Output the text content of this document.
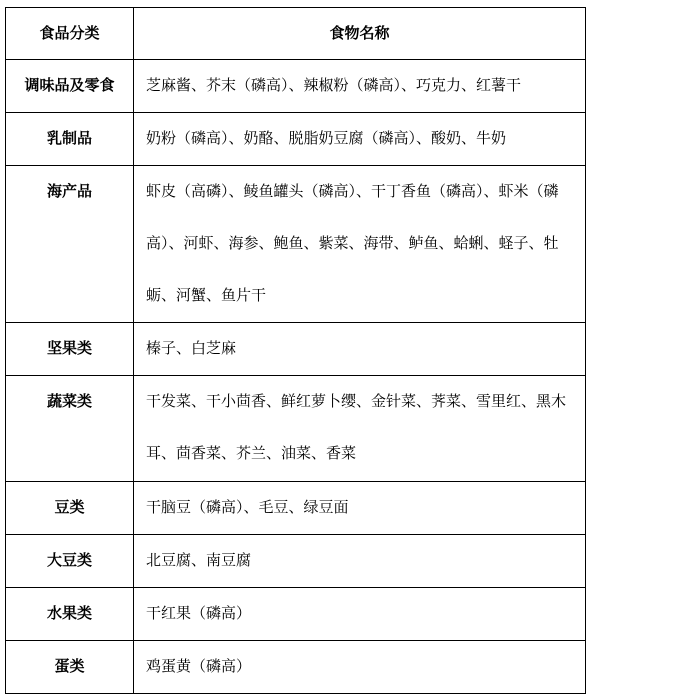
食品分类	食物名称
调味品及零食	芝麻酱、芥末（磷高）、辣椒粉（磷高）、巧克力、红薯干
乳制品	奶粉（磷高）、奶酪、脱脂奶豆腐（磷高）、酸奶、牛奶
海产品	虾皮（高磷）、鲮鱼罐头（磷高）、干丁香鱼（磷高）、虾米（磷高）、河虾、海参、鲍鱼、紫菜、海带、鲈鱼、蛤蜊、蛏子、牡蛎、河蟹、鱼片干
坚果类	榛子、白芝麻
蔬菜类	干发菜、干小茴香、鲜红萝卜缨、金针菜、荠菜、雪里红、黑木耳、茴香菜、芥兰、油菜、香菜
豆类	干脑豆（磷高）、毛豆、绿豆面
大豆类	北豆腐、南豆腐
水果类	干红果（磷高）
蛋类	鸡蛋黄（磷高）
